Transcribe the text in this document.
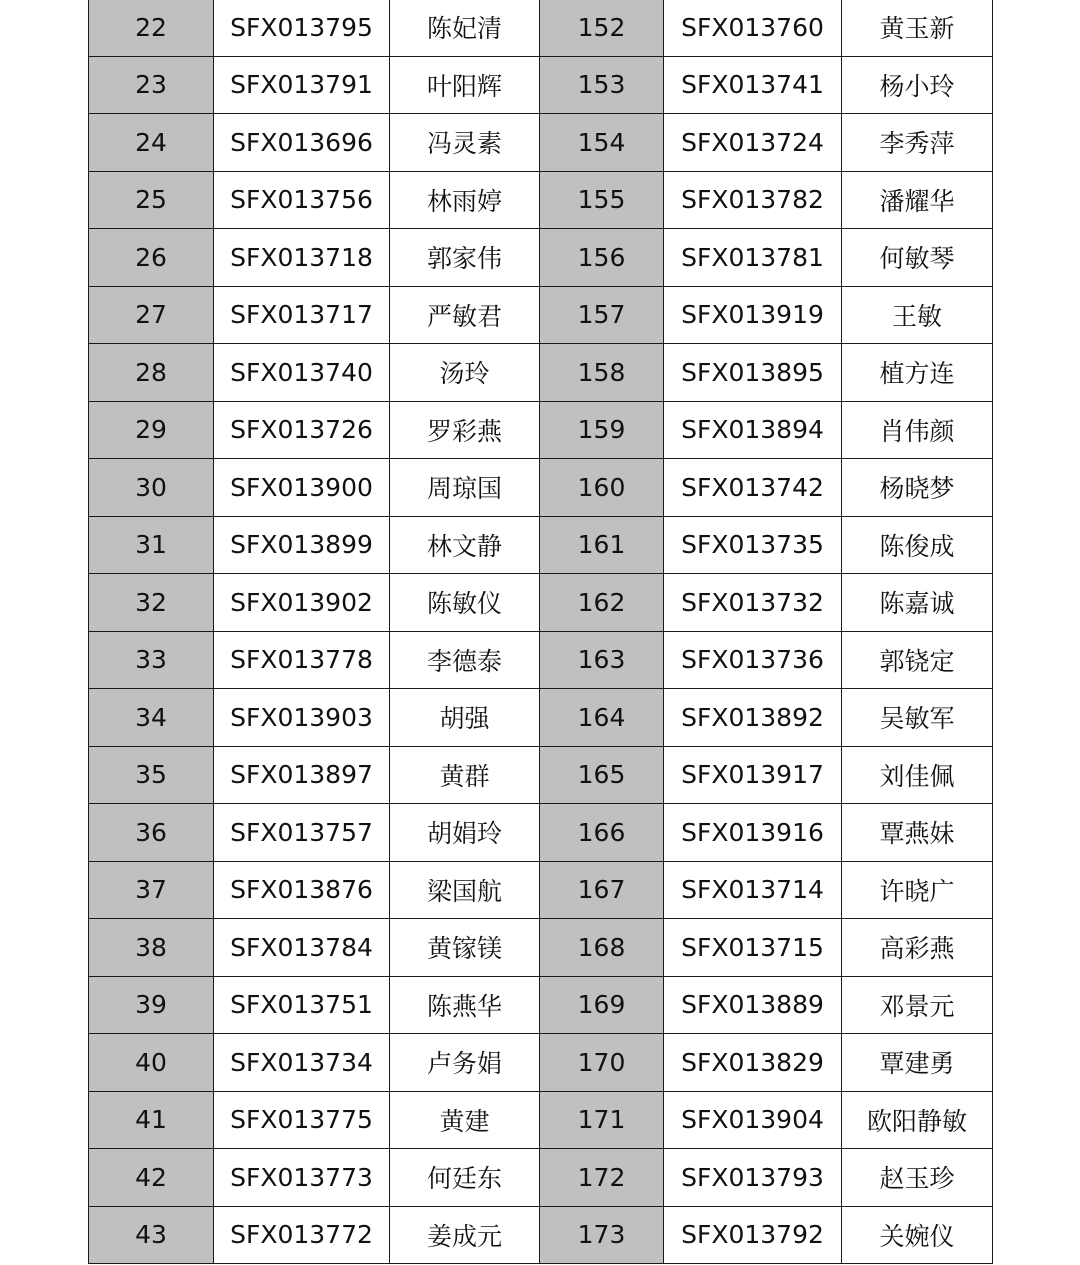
22	SFX013795	陈妃清	152	SFX013760	黄玉新
23	SFX013791	叶阳辉	153	SFX013741	杨小玲
24	SFX013696	冯灵素	154	SFX013724	李秀萍
25	SFX013756	林雨婷	155	SFX013782	潘耀华
26	SFX013718	郭家伟	156	SFX013781	何敏琴
27	SFX013717	严敏君	157	SFX013919	王敏
28	SFX013740	汤玲	158	SFX013895	植方连
29	SFX013726	罗彩燕	159	SFX013894	肖伟颜
30	SFX013900	周琼国	160	SFX013742	杨晓梦
31	SFX013899	林文静	161	SFX013735	陈俊成
32	SFX013902	陈敏仪	162	SFX013732	陈嘉诚
33	SFX013778	李德泰	163	SFX013736	郭铙定
34	SFX013903	胡强	164	SFX013892	吴敏军
35	SFX013897	黄群	165	SFX013917	刘佳佩
36	SFX013757	胡娟玲	166	SFX013916	覃燕妹
37	SFX013876	梁国航	167	SFX013714	许晓广
38	SFX013784	黄镓镁	168	SFX013715	高彩燕
39	SFX013751	陈燕华	169	SFX013889	邓景元
40	SFX013734	卢务娟	170	SFX013829	覃建勇
41	SFX013775	黄建	171	SFX013904	欧阳静敏
42	SFX013773	何廷东	172	SFX013793	赵玉珍
43	SFX013772	姜成元	173	SFX013792	关婉仪
